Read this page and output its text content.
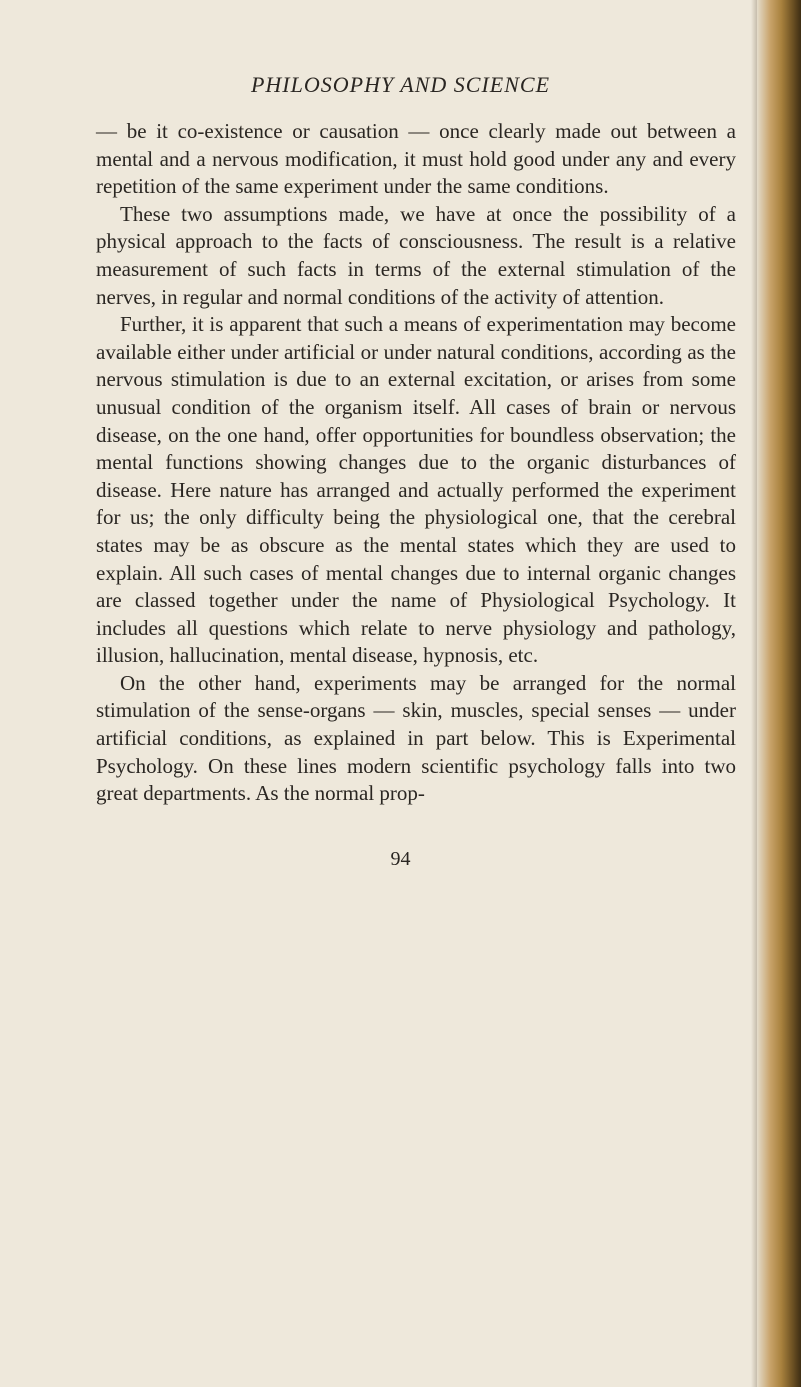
PHILOSOPHY AND SCIENCE

— be it co-existence or causation — once clearly made out between a mental and a nervous modification, it must hold good under any and every repetition of the same experiment under the same conditions.

These two assumptions made, we have at once the possibility of a physical approach to the facts of consciousness. The result is a relative measurement of such facts in terms of the external stimulation of the nerves, in regular and normal conditions of the activity of attention.

Further, it is apparent that such a means of experimentation may become available either under artificial or under natural conditions, according as the nervous stimulation is due to an external excitation, or arises from some unusual condition of the organism itself. All cases of brain or nervous disease, on the one hand, offer opportunities for boundless observation; the mental functions showing changes due to the organic disturbances of disease. Here nature has arranged and actually performed the experiment for us; the only difficulty being the physiological one, that the cerebral states may be as obscure as the mental states which they are used to explain. All such cases of mental changes due to internal organic changes are classed together under the name of Physiological Psychology. It includes all questions which relate to nerve physiology and pathology, illusion, hallucination, mental disease, hypnosis, etc.

On the other hand, experiments may be arranged for the normal stimulation of the sense-organs — skin, muscles, special senses — under artificial conditions, as explained in part below. This is Experimental Psychology. On these lines modern scientific psychology falls into two great departments. As the normal prop-

94
